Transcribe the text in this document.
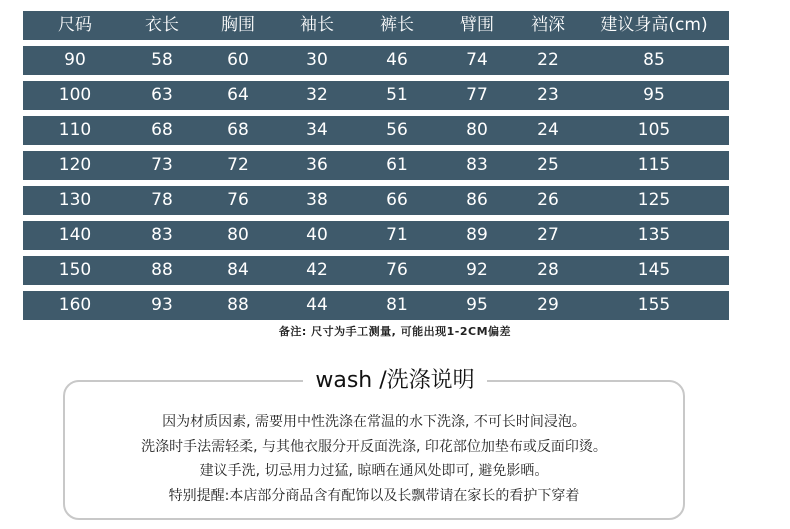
尺码	衣长	胸围	袖长	裤长	臂围	裆深	建议身高(cm)
90	58	60	30	46	74	22	85
100	63	64	32	51	77	23	95
110	68	68	34	56	80	24	105
120	73	72	36	61	83	25	115
130	78	76	38	66	86	26	125
140	83	80	40	71	89	27	135
150	88	84	42	76	92	28	145
160	93	88	44	81	95	29	155
备注: 尺寸为手工测量, 可能出现1-2CM偏差
wash /洗涤说明
因为材质因素, 需要用中性洗涤在常温的水下洗涤, 不可长时间浸泡。
洗涤时手法需轻柔, 与其他衣服分开反面洗涤, 印花部位加垫布或反面印烫。
建议手洗, 切忌用力过猛, 晾晒在通风处即可, 避免影晒。
特别提醒:本店部分商品含有配饰以及长飘带请在家长的看护下穿着
